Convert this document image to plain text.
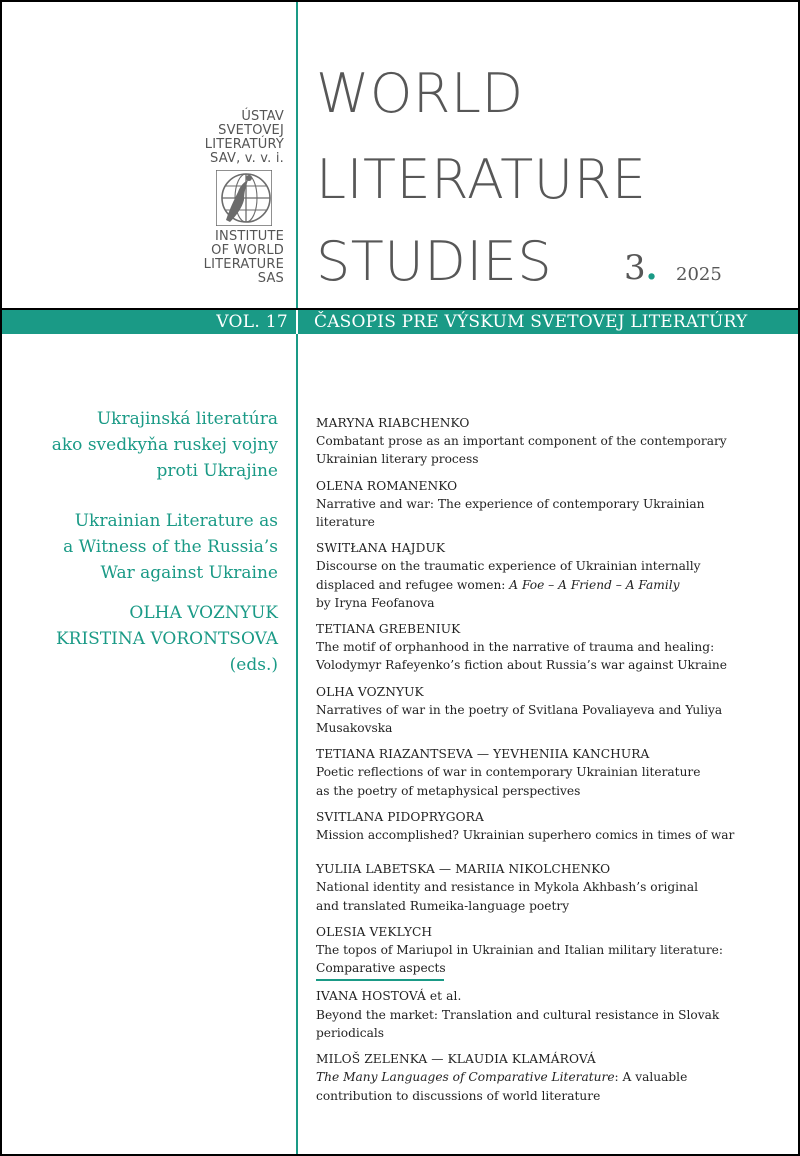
ÚSTAV
SVETOVEJ
LITERATÚRY
SAV, v. v. i.
INSTITUTE
OF WORLD
LITERATURE
SAS
WORLD
LITERATURE
STUDIES 3. 2025
VOL. 17 ČASOPIS PRE VÝSKUM SVETOVEJ LITERATÚRY
Ukrajinská literatúra
ako svedkyňa ruskej vojny
proti Ukrajine
Ukrainian Literature as
a Witness of the Russia’s
War against Ukraine
OLHA VOZNYUK
KRISTINA VORONTSOVA
(eds.)
MARYNA RIABCHENKO
Combatant prose as an important component of the contemporary
Ukrainian literary process
OLENA ROMANENKO
Narrative and war: The experience of contemporary Ukrainian
literature
SWITŁANA HAJDUK
Discourse on the traumatic experience of Ukrainian internally
displaced and refugee women: A Foe – A Friend – A Family
by Iryna Feofanova
TETIANA GREBENIUK
The motif of orphanhood in the narrative of trauma and healing:
Volodymyr Rafeyenko’s fiction about Russia’s war against Ukraine
OLHA VOZNYUK
Narratives of war in the poetry of Svitlana Povaliayeva and Yuliya
Musakovska
TETIANA RIAZANTSEVA — YEVHENIIA KANCHURA
Poetic reflections of war in contemporary Ukrainian literature
as the poetry of metaphysical perspectives
SVITLANA PIDOPRYGORA
Mission accomplished? Ukrainian superhero comics in times of war
YULIIA LABETSKA — MARIIA NIKOLCHENKO
National identity and resistance in Mykola Akhbash’s original
and translated Rumeika-language poetry
OLESIA VEKLYCH
The topos of Mariupol in Ukrainian and Italian military literature:
Comparative aspects
IVANA HOSTOVÁ et al.
Beyond the market: Translation and cultural resistance in Slovak
periodicals
MILOŠ ZELENKA — KLAUDIA KLAMÁROVÁ
The Many Languages of Comparative Literature: A valuable
contribution to discussions of world literature
